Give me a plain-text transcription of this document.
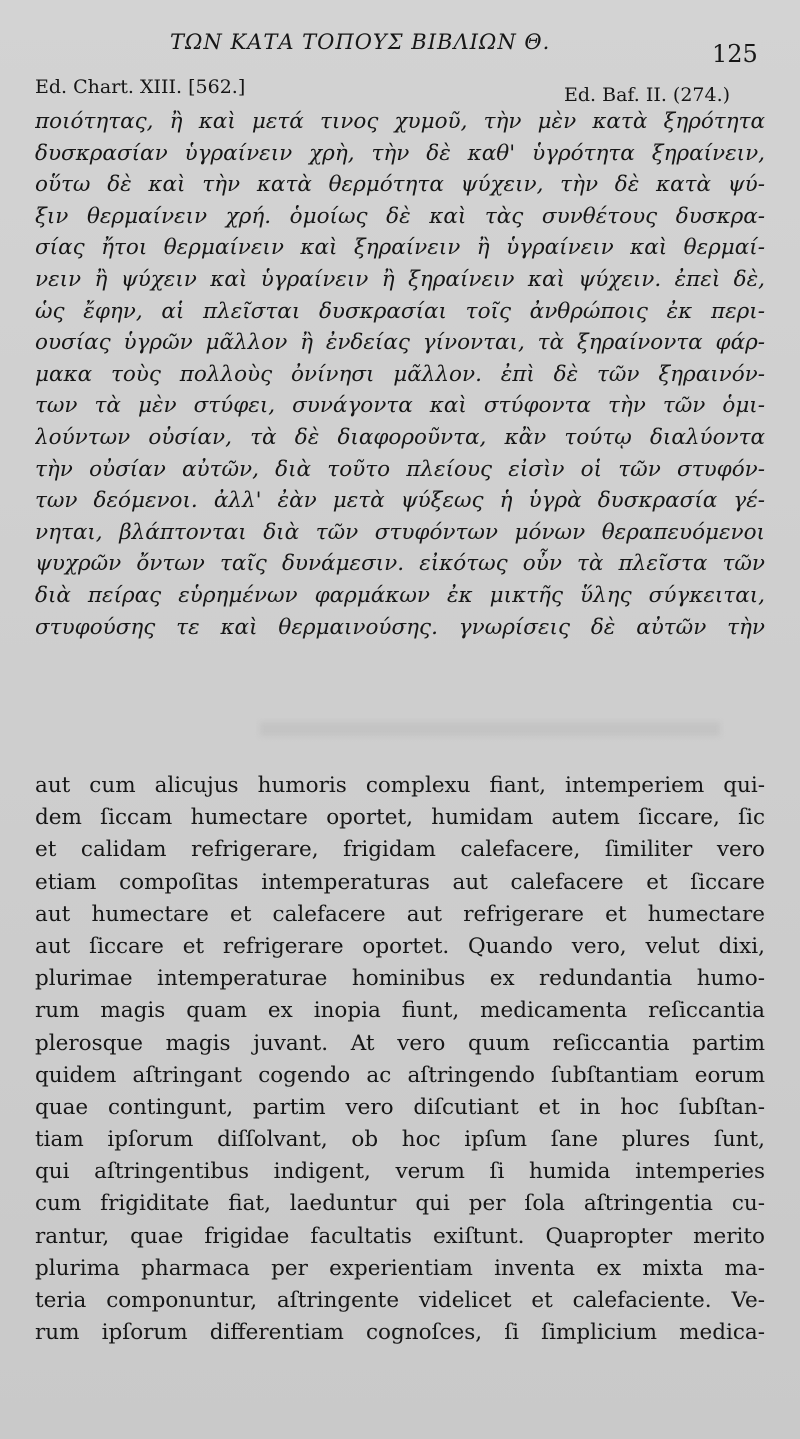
ΤΩΝ ΚΑΤΑ ΤΟΠΟΥΣ ΒΙΒΛΙΩΝ Θ.	125
Ed. Chart. XIII. [562.]	Ed. Baf. II. (274.)
ποιότητας, ἢ καὶ μετά τινος χυμοῦ, τὴν μὲν κατὰ ξηρότητα
δυσκρασίαν ὑγραίνειν χρὴ, τὴν δὲ καθ' ὑγρότητα ξηραίνειν,
οὕτω δὲ καὶ τὴν κατὰ θερμότητα ψύχειν, τὴν δὲ κατὰ ψύ-
ξιν θερμαίνειν χρή. ὁμοίως δὲ καὶ τὰς συνθέτους δυσκρα-
σίας ἤτοι θερμαίνειν καὶ ξηραίνειν ἢ ὑγραίνειν καὶ θερμαί-
νειν ἢ ψύχειν καὶ ὑγραίνειν ἢ ξηραίνειν καὶ ψύχειν. ἐπεὶ δὲ,
ὡς ἔφην, αἱ πλεῖσται δυσκρασίαι τοῖς ἀνθρώποις ἐκ περι-
ουσίας ὑγρῶν μᾶλλον ἢ ἐνδείας γίνονται, τὰ ξηραίνοντα φάρ-
μακα τοὺς πολλοὺς ὀνίνησι μᾶλλον. ἐπὶ δὲ τῶν ξηραινόν-
των τὰ μὲν στύφει, συνάγοντα καὶ στύφοντα τὴν τῶν ὁμι-
λούντων οὐσίαν, τὰ δὲ διαφορoῦντα, κἂν τούτῳ διαλύοντα
τὴν οὐσίαν αὐτῶν, διὰ τοῦτο πλείους εἰσὶν οἱ τῶν στυφόν-
των δεόμενοι. ἀλλ' ἐὰν μετὰ ψύξεως ἡ ὑγρὰ δυσκρασία γέ-
νηται, βλάπτονται διὰ τῶν στυφόντων μόνων θεραπευόμενοι
ψυχρῶν ὄντων ταῖς δυνάμεσιν. εἰκότως οὖν τὰ πλεῖστα τῶν
διὰ πείρας εὑρημένων φαρμάκων ἐκ μικτῆς ὕλης σύγκειται,
στυφούσης τε καὶ θερμαινούσης. γνωρίσεις δὲ αὐτῶν τὴν
aut cum alicujus humoris complexu fiant, intemperiem qui-
dem ſiccam humectare oportet, humidam autem ſiccare, ſic
et calidam refrigerare, frigidam calefacere, ſimiliter vero
etiam compoſitas intemperaturas aut calefacere et ſiccare
aut humectare et calefacere aut refrigerare et humectare
aut ſiccare et refrigerare oportet. Quando vero, velut dixi,
plurimae intemperaturae hominibus ex redundantia humo-
rum magis quam ex inopia fiunt, medicamenta reſiccantia
plerosque magis juvant. At vero quum reſiccantia partim
quidem aſtringant cogendo ac aſtringendo ſubſtantiam eorum
quae contingunt, partim vero diſcutiant et in hoc ſubſtan-
tiam ipſorum diſſolvant, ob hoc ipſum ſane plures ſunt,
qui aſtringentibus indigent, verum ſi humida intemperies
cum frigiditate fiat, laeduntur qui per ſola aſtringentia cu-
rantur, quae frigidae facultatis exiſtunt. Quapropter merito
plurima pharmaca per experientiam inventa ex mixta ma-
teria componuntur, aſtringente videlicet et calefaciente. Ve-
rum ipſorum differentiam cognoſces, ſi ſimplicium medica-
